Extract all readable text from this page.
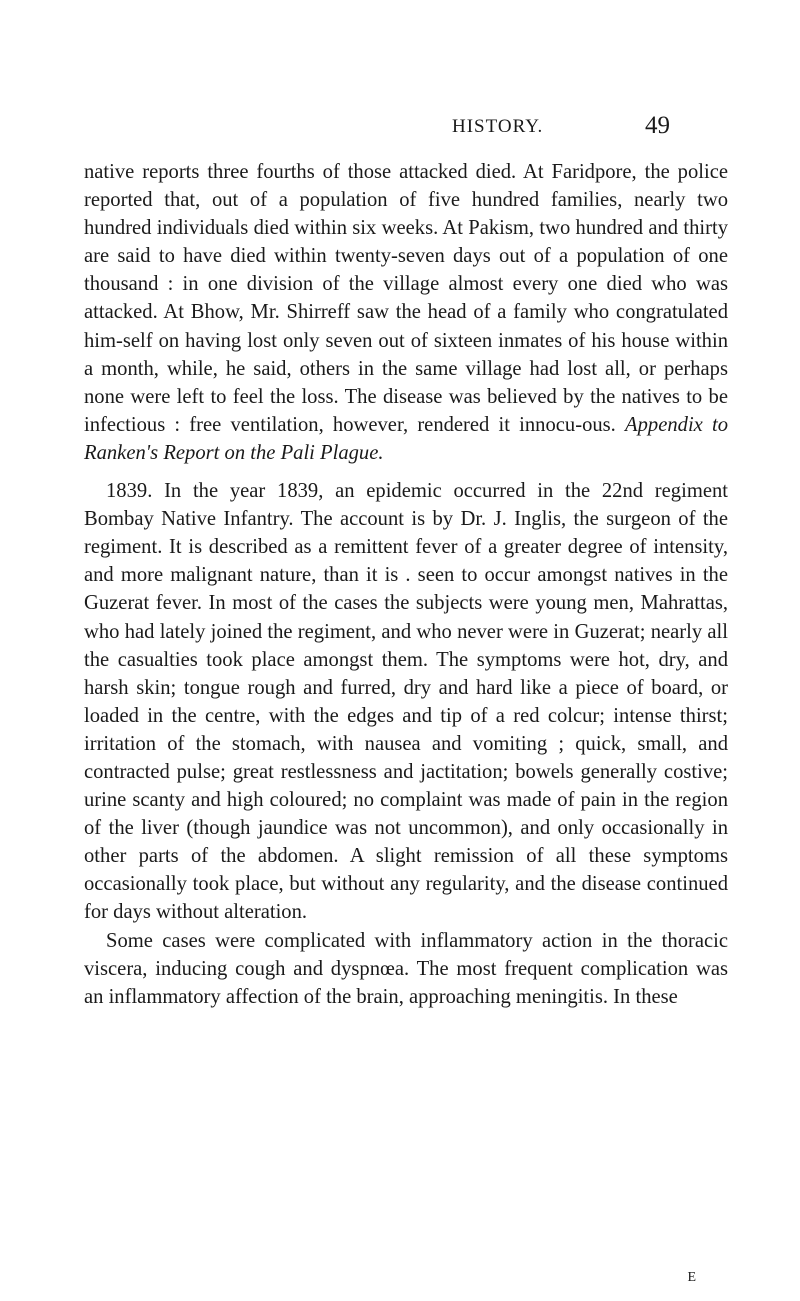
HISTORY.	49

native reports three fourths of those attacked died. At Faridpore, the police reported that, out of a population of five hundred families, nearly two hundred individuals died within six weeks. At Pakism, two hundred and thirty are said to have died within twenty-seven days out of a population of one thousand : in one division of the village almost every one died who was attacked. At Bhow, Mr. Shirreff saw the head of a family who congratulated him-self on having lost only seven out of sixteen inmates of his house within a month, while, he said, others in the same village had lost all, or perhaps none were left to feel the loss. The disease was believed by the natives to be infectious : free ventilation, however, rendered it innocu-ous. Appendix to Ranken's Report on the Pali Plague.

1839. In the year 1839, an epidemic occurred in the 22nd regiment Bombay Native Infantry. The account is by Dr. J. Inglis, the surgeon of the regiment. It is described as a remittent fever of a greater degree of intensity, and more malignant nature, than it is . seen to occur amongst natives in the Guzerat fever. In most of the cases the subjects were young men, Mahrattas, who had lately joined the regiment, and who never were in Guzerat; nearly all the casualties took place amongst them. The symptoms were hot, dry, and harsh skin; tongue rough and furred, dry and hard like a piece of board, or loaded in the centre, with the edges and tip of a red colcur; intense thirst; irritation of the stomach, with nausea and vomiting ; quick, small, and contracted pulse; great restlessness and jactitation; bowels generally costive; urine scanty and high coloured; no complaint was made of pain in the region of the liver (though jaundice was not uncommon), and only occasionally in other parts of the abdomen. A slight remission of all these symptoms occasionally took place, but without any regularity, and the disease continued for days without alteration.

Some cases were complicated with inflammatory action in the thoracic viscera, inducing cough and dyspnœa. The most frequent complication was an inflammatory affection of the brain, approaching meningitis. In these

E
